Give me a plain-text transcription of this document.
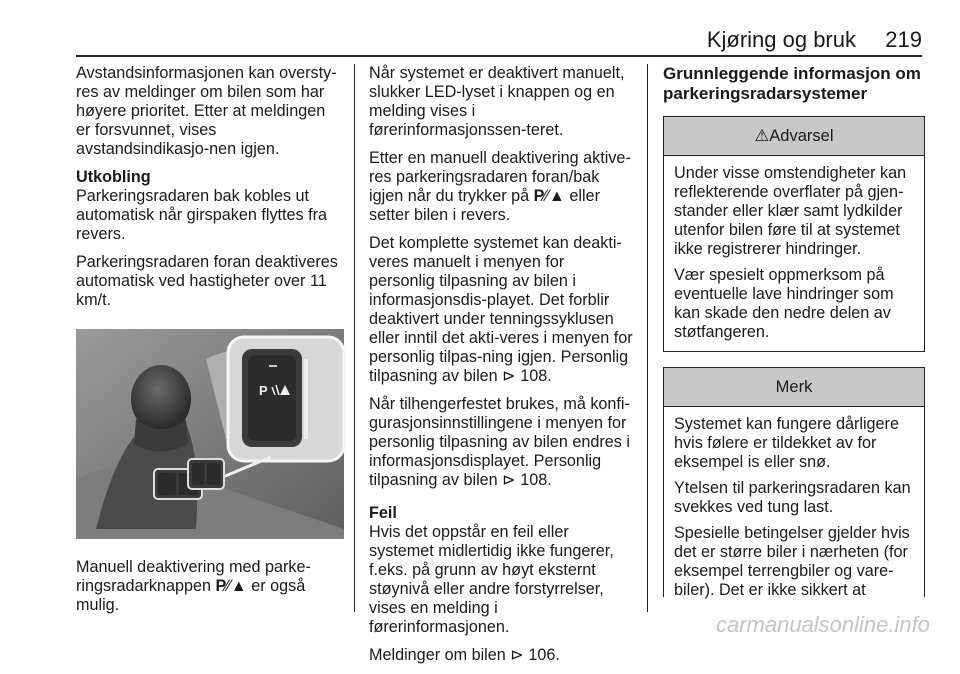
Kjøring og bruk 219

Avstandsinformasjonen kan oversty-res av meldinger om bilen som har høyere prioritet. Etter at meldingen er forsvunnet, vises avstandsindikasjo-nen igjen.

Utkobling

Parkeringsradaren bak kobles ut automatisk når girspaken flyttes fra revers.

Parkeringsradaren foran deaktiveres automatisk ved hastigheter over 11 km/t.

P

Manuell deaktivering med parke-ringsradarknappen P⁄⁄▲ er også mulig.

Når systemet er deaktivert manuelt, slukker LED-lyset i knappen og en melding vises i førerinformasjonssen-teret.

Etter en manuell deaktivering aktive-res parkeringsradaren foran/bak igjen når du trykker på P⁄⁄▲ eller setter bilen i revers.

Det komplette systemet kan deakti-veres manuelt i menyen for personlig tilpasning av bilen i informasjonsdis-playet. Det forblir deaktivert under tenningssyklusen eller inntil det akti-veres i menyen for personlig tilpas-ning igjen. Personlig tilpasning av bilen ⊳ 108.

Når tilhengerfestet brukes, må konfi-gurasjonsinnstillingene i menyen for personlig tilpasning av bilen endres i informasjonsdisplayet. Personlig tilpasning av bilen ⊳ 108.

Feil

Hvis det oppstår en feil eller systemet midlertidig ikke fungerer, f.eks. på grunn av høyt eksternt støynivå eller andre forstyrrelser, vises en melding i førerinformasjonen.

Meldinger om bilen ⊳ 106.

Grunnleggende informasjon om parkeringsradarsystemer

⚠Advarsel

Under visse omstendigheter kan reflekterende overflater på gjen-stander eller klær samt lydkilder utenfor bilen føre til at systemet ikke registrerer hindringer.

Vær spesielt oppmerksom på eventuelle lave hindringer som kan skade den nedre delen av støtfangeren.

Merk

Systemet kan fungere dårligere hvis følere er tildekket av for eksempel is eller snø.

Ytelsen til parkeringsradaren kan svekkes ved tung last.

Spesielle betingelser gjelder hvis det er større biler i nærheten (for eksempel terrengbiler og vare-biler). Det er ikke sikkert at

carmanualsonline.info
